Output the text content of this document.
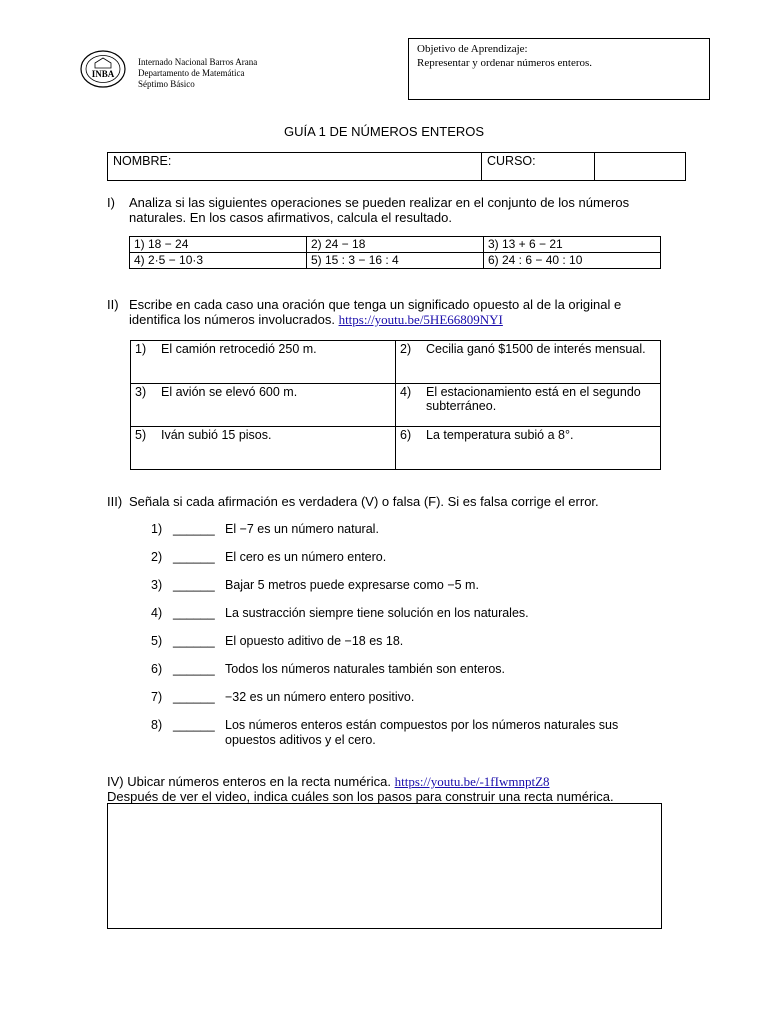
INBA
Internado Nacional Barros Arana
Departamento de Matemática
Séptimo Básico
Objetivo de Aprendizaje:
Representar y ordenar números enteros.
GUÍA 1 DE NÚMEROS ENTEROS
NOMBRE:	CURSO:
I) Analiza si las siguientes operaciones se pueden realizar en el conjunto de los números
naturales. En los casos afirmativos, calcula el resultado.
1) 18 − 24	2) 24 − 18	3) 13 + 6 − 21
4) 2·5 − 10·3	5) 15 : 3 − 16 : 4	6) 24 : 6 − 40 : 10
II) Escribe en cada caso una oración que tenga un significado opuesto al de la original e
identifica los números involucrados. https://youtu.be/5HE66809NYI
1) El camión retrocedió 250 m.	2) Cecilia ganó $1500 de interés mensual.
3) El avión se elevó 600 m.	4) El estacionamiento está en el segundo subterráneo.
5) Iván subió 15 pisos.	6) La temperatura subió a 8°.
III) Señala si cada afirmación es verdadera (V) o falsa (F). Si es falsa corrige el error.
1) ______ El −7 es un número natural.
2) ______ El cero es un número entero.
3) ______ Bajar 5 metros puede expresarse como −5 m.
4) ______ La sustracción siempre tiene solución en los naturales.
5) ______ El opuesto aditivo de −18 es 18.
6) ______ Todos los números naturales también son enteros.
7) ______ −32 es un número entero positivo.
8) ______ Los números enteros están compuestos por los números naturales sus opuestos aditivos y el cero.
IV) Ubicar números enteros en la recta numérica. https://youtu.be/-1fIwmnptZ8
Después de ver el video, indica cuáles son los pasos para construir una recta numérica.
